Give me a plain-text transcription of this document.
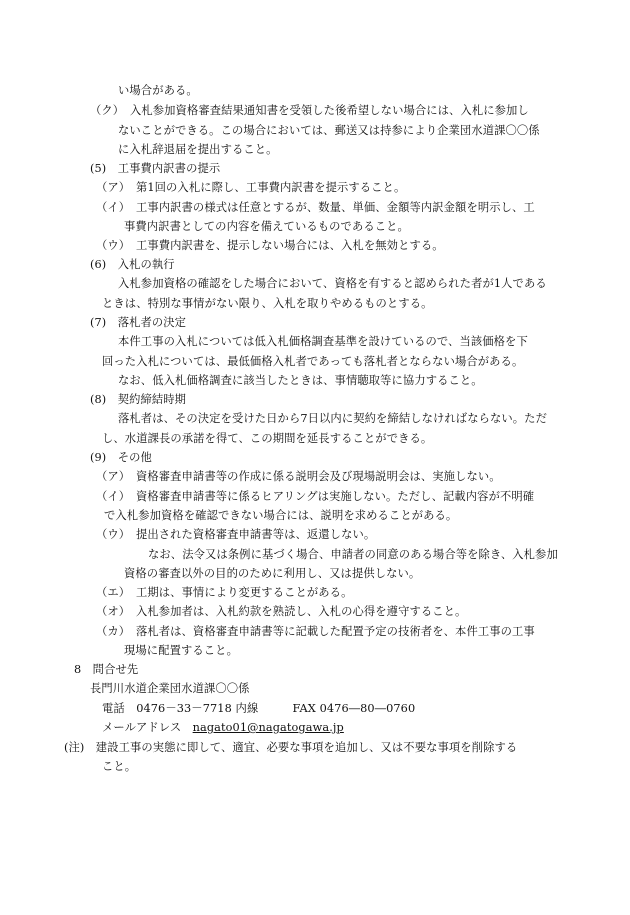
い場合がある。
（ク）　入札参加資格審査結果通知書を受領した後希望しない場合には、入札に参加し
ないことができる。この場合においては、郵送又は持参により企業団水道課〇〇係
に入札辞退届を提出すること。
(5)　工事費内訳書の提示
（ア）　第1回の入札に際し、工事費内訳書を提示すること。
（イ）　工事内訳書の様式は任意とするが、数量、単価、金額等内訳金額を明示し、工
事費内訳書としての内容を備えているものであること。
（ウ）　工事費内訳書を、提示しない場合には、入札を無効とする。
(6)　入札の執行
入札参加資格の確認をした場合において、資格を有すると認められた者が1人である
ときは、特別な事情がない限り、入札を取りやめるものとする。
(7)　落札者の決定
本件工事の入札については低入札価格調査基準を設けているので、当該価格を下
回った入札については、最低価格入札者であっても落札者とならない場合がある。
なお、低入札価格調査に該当したときは、事情聴取等に協力すること。
(8)　契約締結時期
落札者は、その決定を受けた日から7日以内に契約を締結しなければならない。ただ
し、水道課長の承諾を得て、この期間を延長することができる。
(9)　その他
（ア）　資格審査申請書等の作成に係る説明会及び現場説明会は、実施しない。
（イ）　資格審査申請書等に係るヒアリングは実施しない。ただし、記載内容が不明確
で入札参加資格を確認できない場合には、説明を求めることがある。
（ウ）　提出された資格審査申請書等は、返還しない。
なお、法令又は条例に基づく場合、申請者の同意のある場合等を除き、入札参加
資格の審査以外の目的のために利用し、又は提供しない。
（エ）　工期は、事情により変更することがある。
（オ）　入札参加者は、入札約款を熟読し、入札の心得を遵守すること。
（カ）　落札者は、資格審査申請書等に記載した配置予定の技術者を、本件工事の工事
現場に配置すること。
8　問合せ先
長門川水道企業団水道課〇〇係
電話　0476－33－7718 内線　　　FAX 0476―80―0760
メールアドレス　nagato01@nagatogawa.jp
(注)　建設工事の実態に即して、適宜、必要な事項を追加し、又は不要な事項を削除する
こと。
